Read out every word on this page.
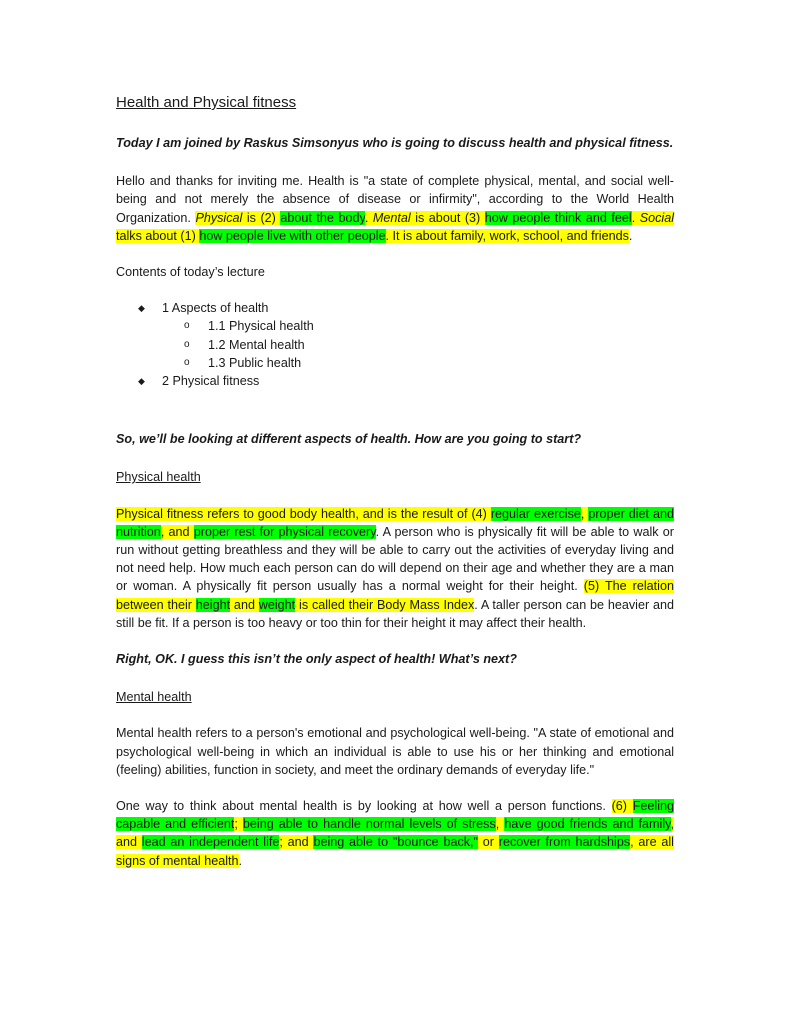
Health and Physical fitness
Today I am joined by Raskus Simsonyus who is going to discuss health and physical fitness.

Hello and thanks for inviting me. Health is "a state of complete physical, mental, and social well-being and not merely the absence of disease or infirmity", according to the World Health Organization. Physical is (2) about the body. Mental is about (3) how people think and feel. Social talks about (1) how people live with other people. It is about family, work, school, and friends.

Contents of today’s lecture
◆ 1 Aspects of health
o 1.1 Physical health
o 1.2 Mental health
o 1.3 Public health
◆ 2 Physical fitness
So, we’ll be looking at different aspects of health. How are you going to start?
Physical health

Physical fitness refers to good body health, and is the result of (4) regular exercise, proper diet and nutrition, and proper rest for physical recovery. A person who is physically fit will be able to walk or run without getting breathless and they will be able to carry out the activities of everyday living and not need help. How much each person can do will depend on their age and whether they are a man or woman. A physically fit person usually has a normal weight for their height. (5) The relation between their height and weight is called their Body Mass Index. A taller person can be heavier and still be fit. If a person is too heavy or too thin for their height it may affect their health.

Right, OK. I guess this isn’t the only aspect of health! What’s next?
Mental health

Mental health refers to a person's emotional and psychological well-being. "A state of emotional and psychological well-being in which an individual is able to use his or her thinking and emotional (feeling) abilities, function in society, and meet the ordinary demands of everyday life."

One way to think about mental health is by looking at how well a person functions. (6) Feeling capable and efficient; being able to handle normal levels of stress, have good friends and family, and lead an independent life; and being able to "bounce back," or recover from hardships, are all signs of mental health.
